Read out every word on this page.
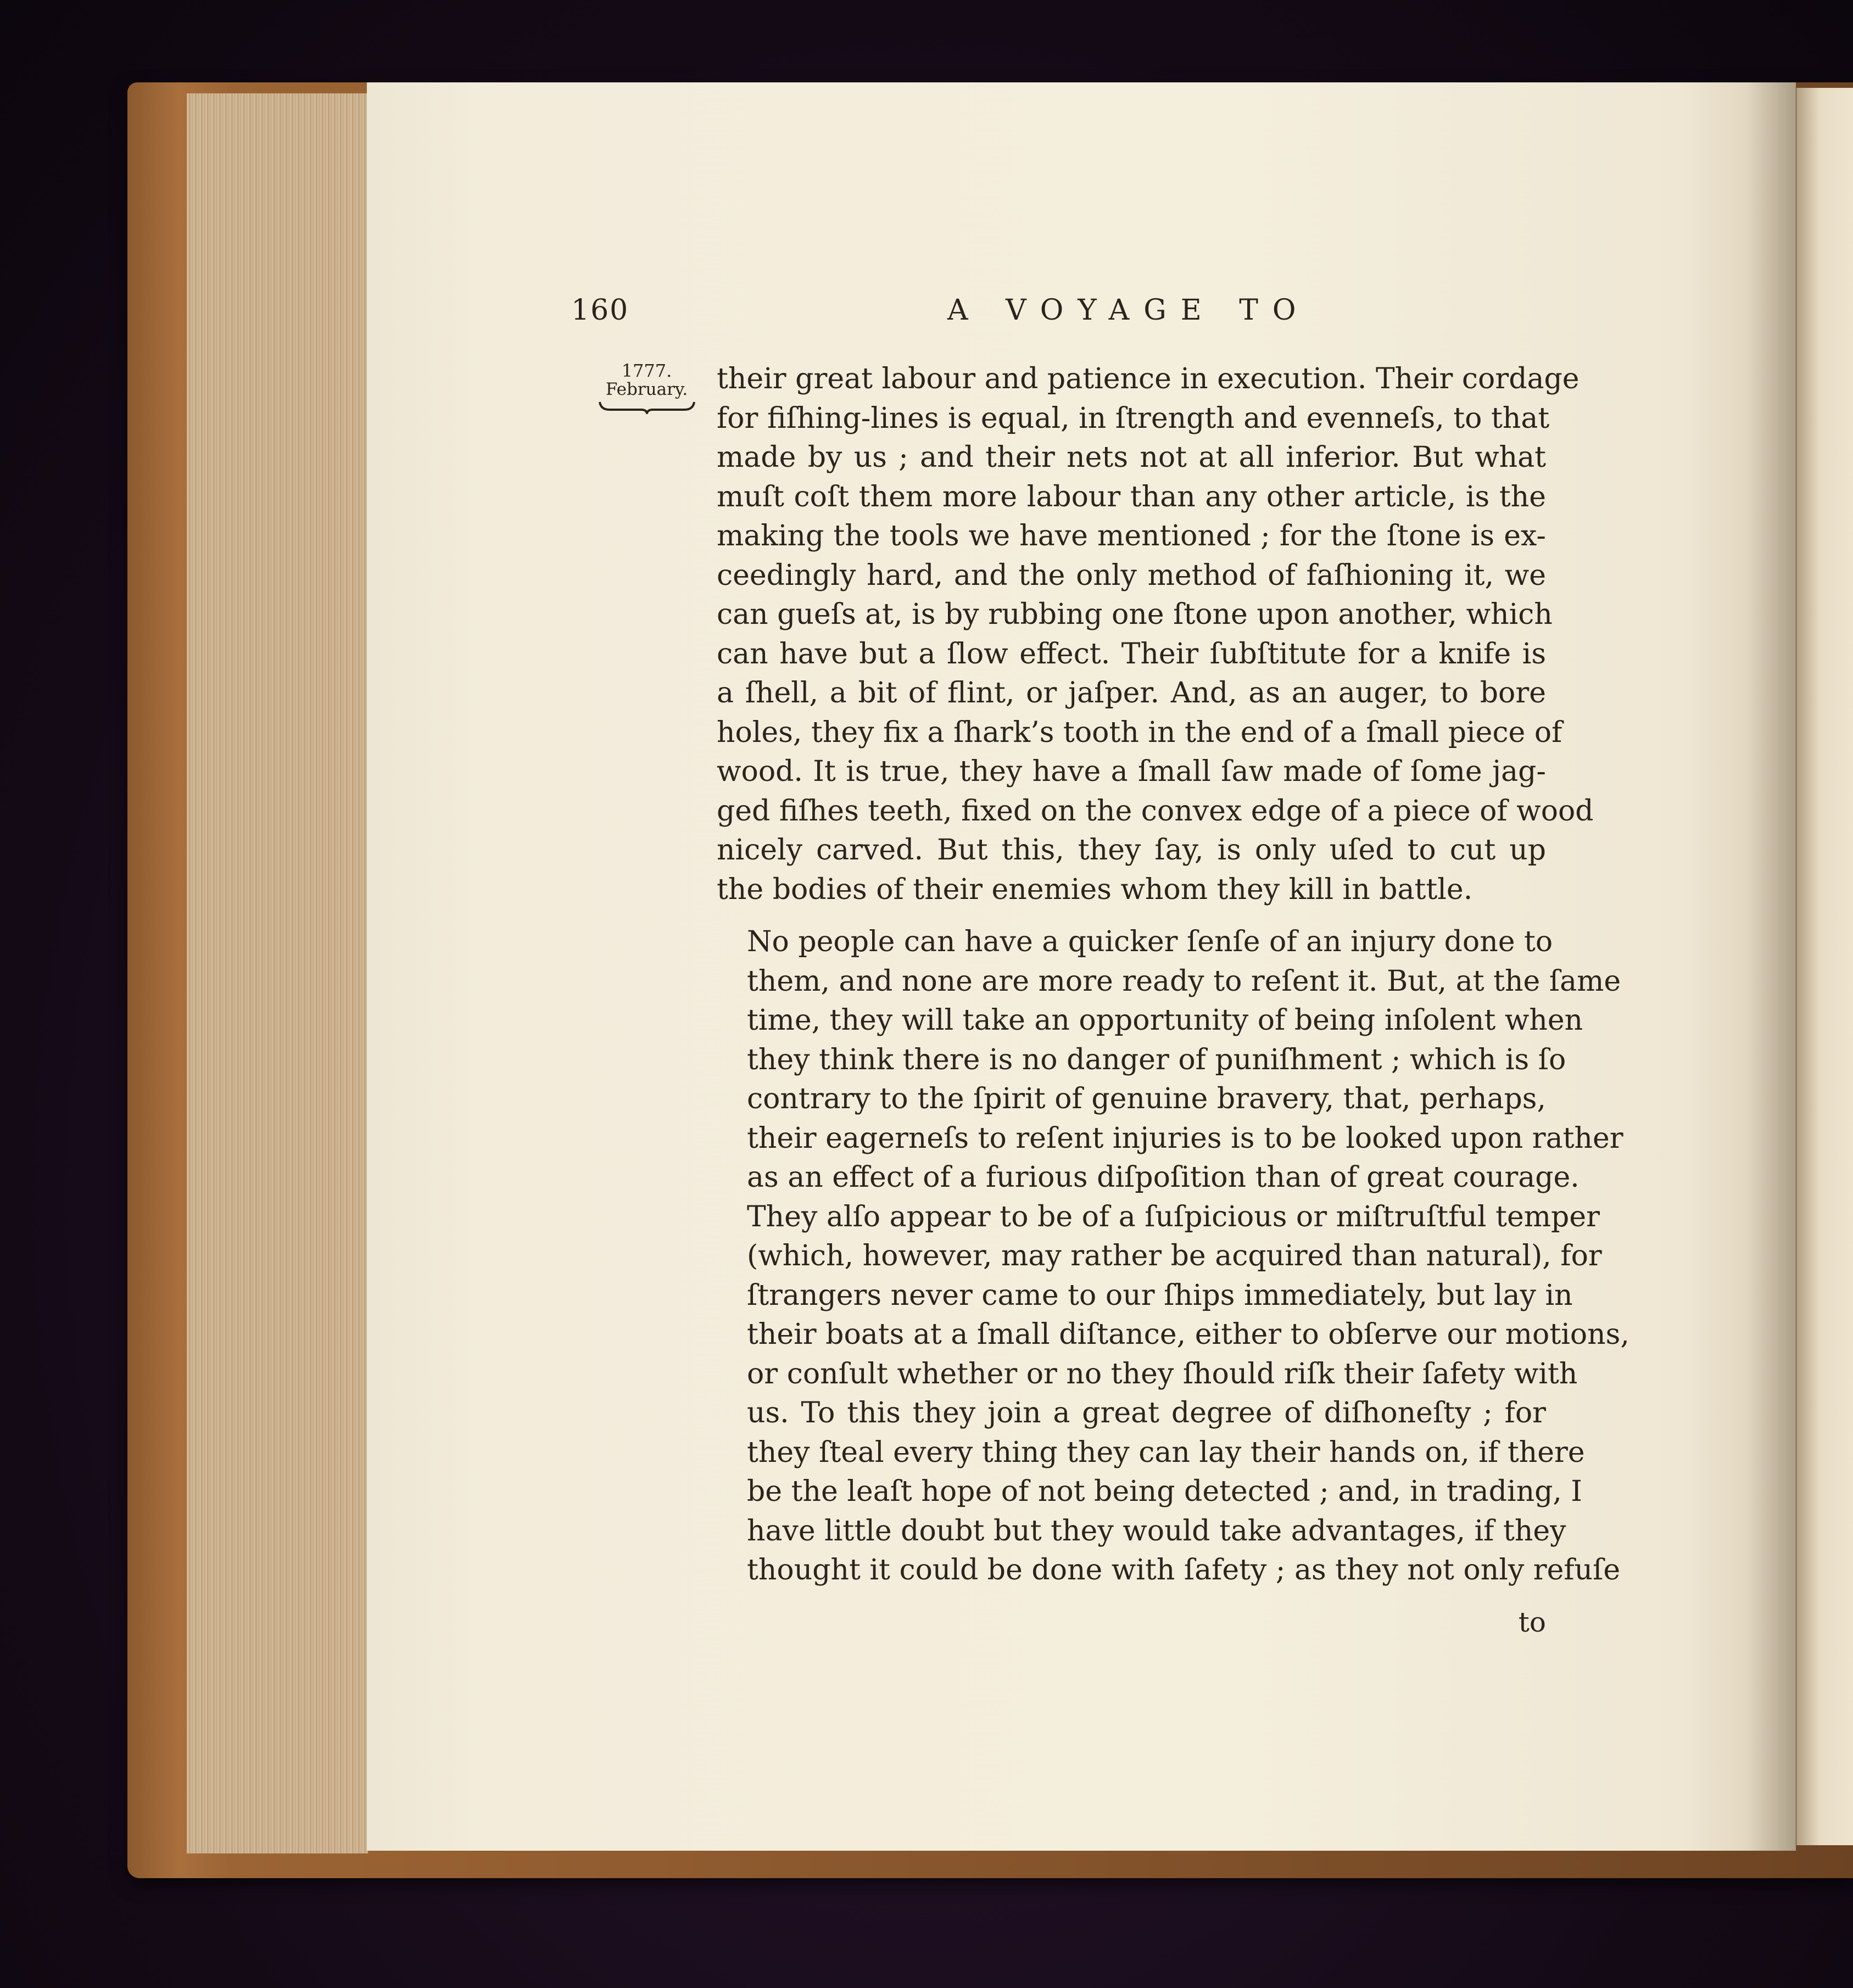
160	A VOYAGE TO
1777.
February.	their great labour and patience in execution. Their cordage
for fiſhing-lines is equal, in ſtrength and evenneſs, to that
made by us ; and their nets not at all inferior. But what
muſt coſt them more labour than any other article, is the
making the tools we have mentioned ; for the ſtone is ex-
ceedingly hard, and the only method of faſhioning it, we
can gueſs at, is by rubbing one ſtone upon another, which
can have but a ſlow effect. Their ſubſtitute for a knife is
a ſhell, a bit of flint, or jaſper. And, as an auger, to bore
holes, they fix a ſhark’s tooth in the end of a ſmall piece of
wood. It is true, they have a ſmall ſaw made of ſome jag-
ged fiſhes teeth, fixed on the convex edge of a piece of wood
nicely carved. But this, they ſay, is only uſed to cut up
the bodies of their enemies whom they kill in battle.

No people can have a quicker ſenſe of an injury done to
them, and none are more ready to reſent it. But, at the ſame
time, they will take an opportunity of being inſolent when
they think there is no danger of puniſhment ; which is ſo
contrary to the ſpirit of genuine bravery, that, perhaps,
their eagerneſs to reſent injuries is to be looked upon rather
as an effect of a furious diſpoſition than of great courage.
They alſo appear to be of a ſuſpicious or miſtruſtful temper
(which, however, may rather be acquired than natural), for
ſtrangers never came to our ſhips immediately, but lay in
their boats at a ſmall diſtance, either to obſerve our motions,
or conſult whether or no they ſhould riſk their ſafety with
us. To this they join a great degree of diſhoneſty ; for
they ſteal every thing they can lay their hands on, if there
be the leaſt hope of not being detected ; and, in trading, I
have little doubt but they would take advantages, if they
thought it could be done with ſafety ; as they not only refuſe

to
